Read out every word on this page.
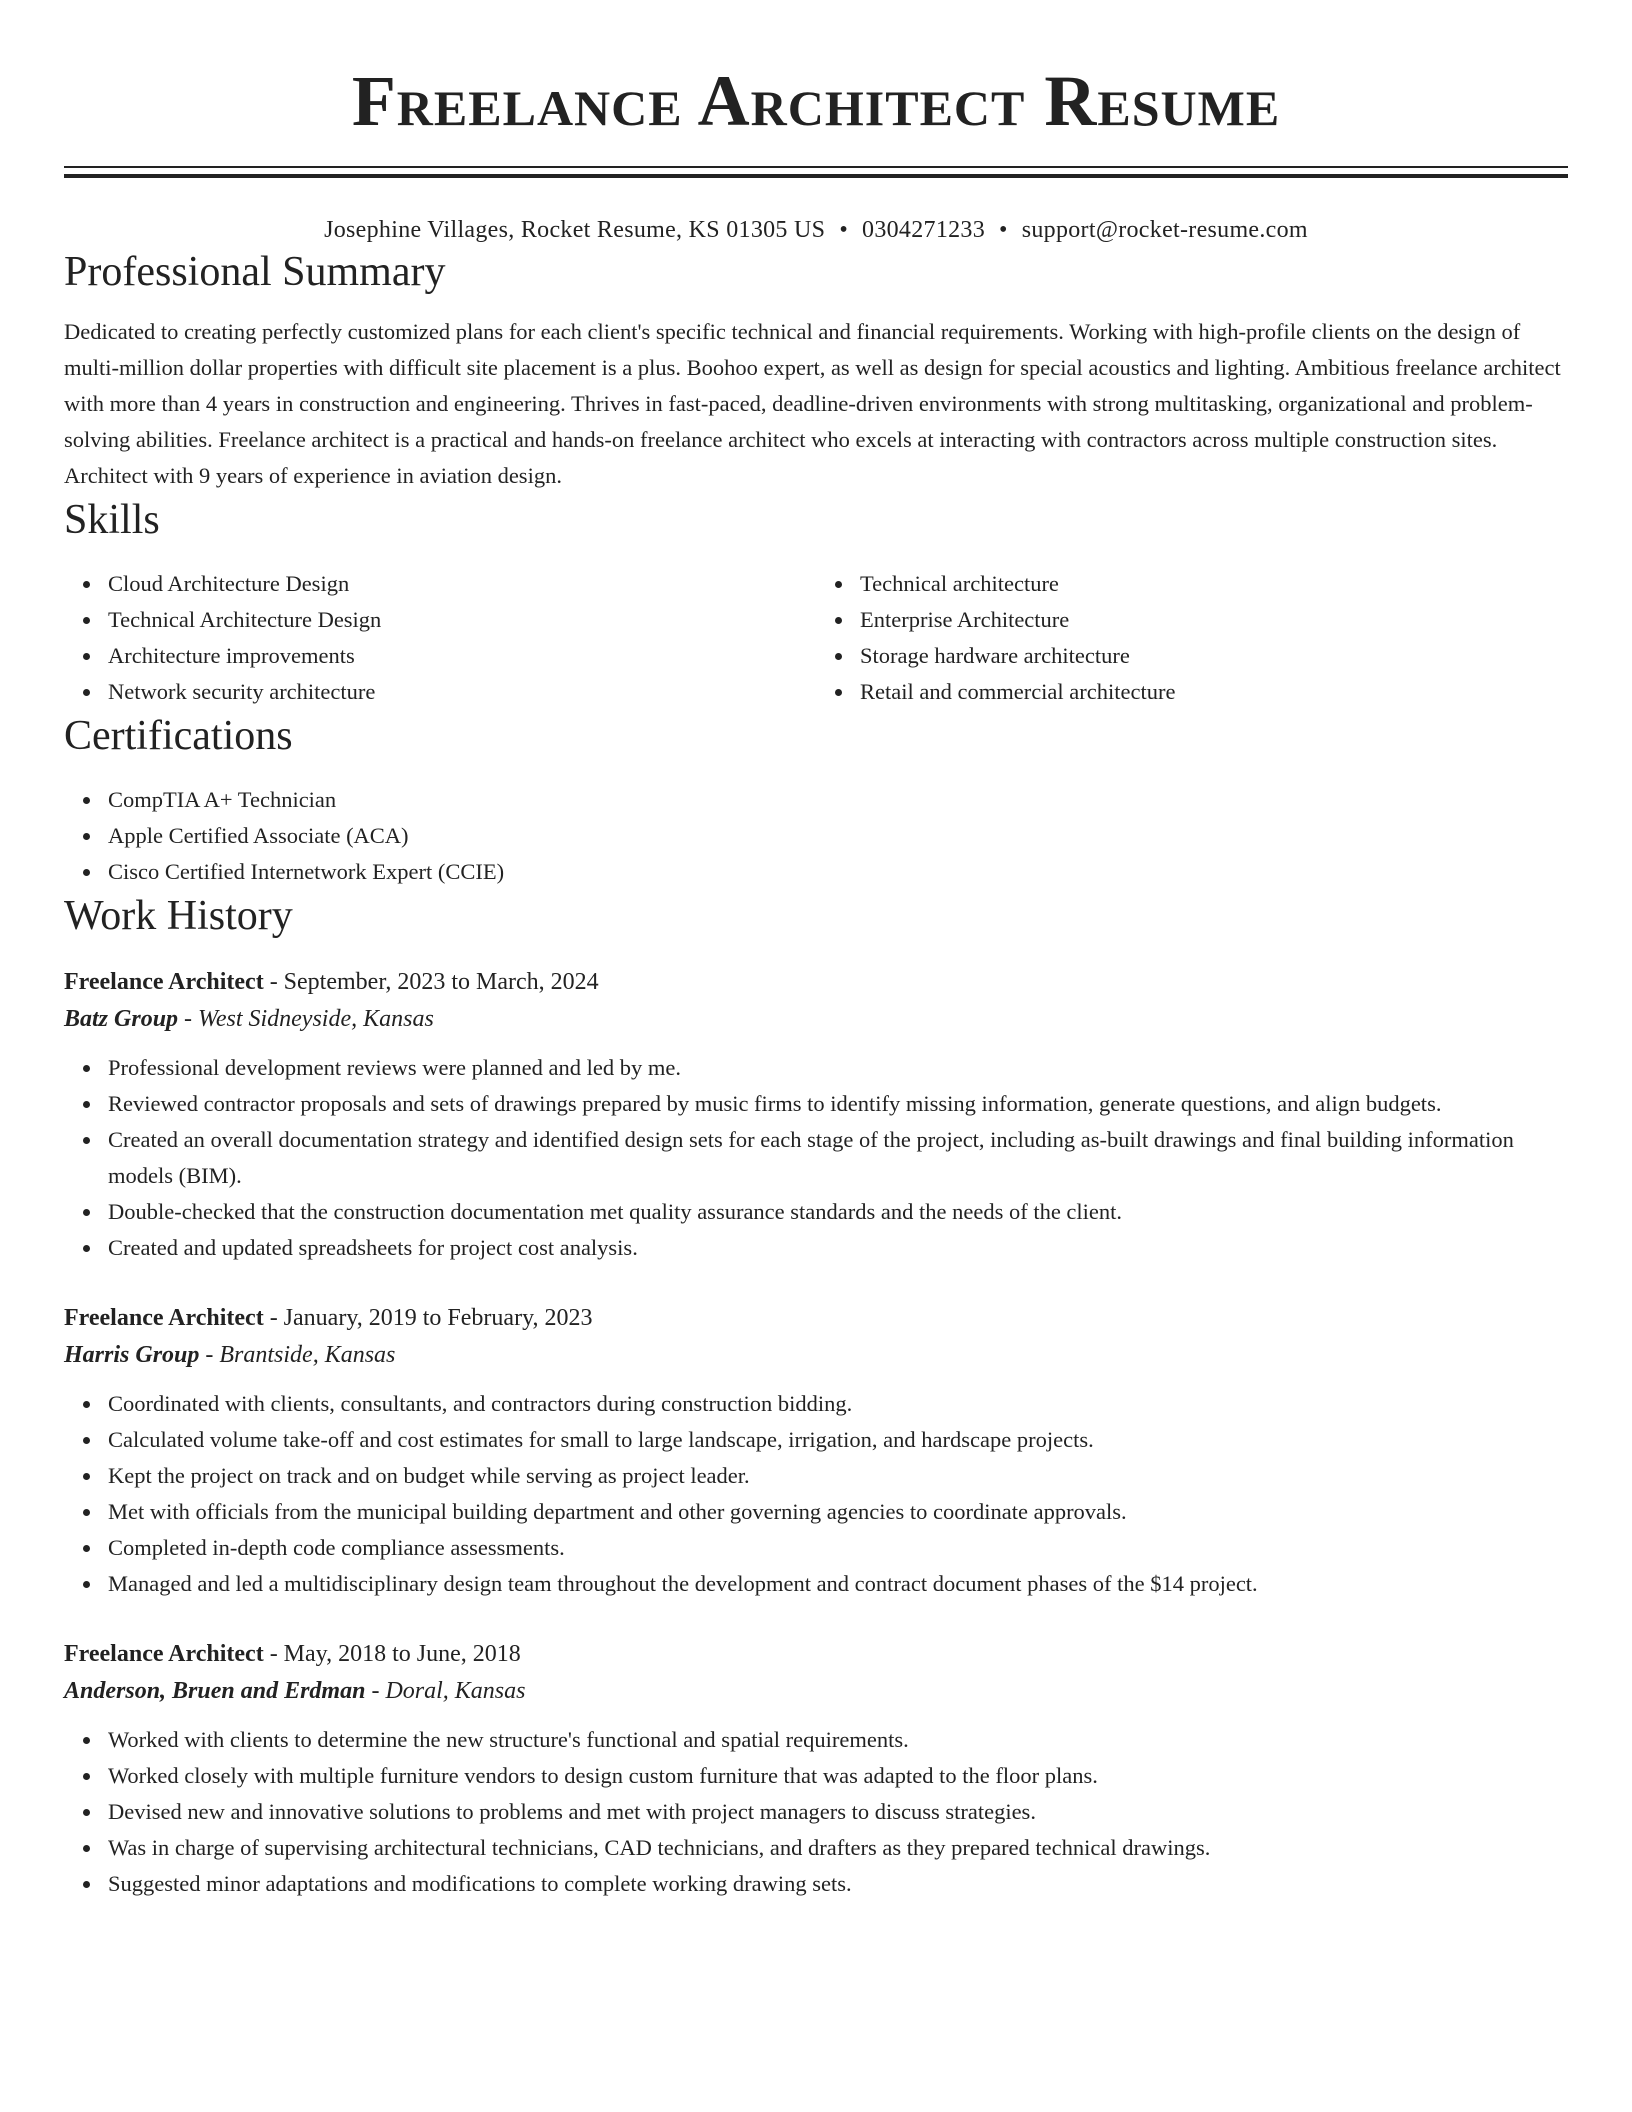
Freelance Architect Resume
Josephine Villages, Rocket Resume, KS 01305 US • 0304271233 • support@rocket-resume.com
Professional Summary

Dedicated to creating perfectly customized plans for each client's specific technical and financial requirements. Working with high-profile clients on the design of multi-million dollar properties with difficult site placement is a plus. Boohoo expert, as well as design for special acoustics and lighting. Ambitious freelance architect with more than 4 years in construction and engineering. Thrives in fast-paced, deadline-driven environments with strong multitasking, organizational and problem-solving abilities. Freelance architect is a practical and hands-on freelance architect who excels at interacting with contractors across multiple construction sites. Architect with 9 years of experience in aviation design.

Skills
Cloud Architecture Design
Technical Architecture Design
Architecture improvements
Network security architecture
Technical architecture
Enterprise Architecture
Storage hardware architecture
Retail and commercial architecture
Certifications
CompTIA A+ Technician
Apple Certified Associate (ACA)
Cisco Certified Internetwork Expert (CCIE)
Work History
Freelance Architect - September, 2023 to March, 2024
Batz Group - West Sidneyside, Kansas
Professional development reviews were planned and led by me.
Reviewed contractor proposals and sets of drawings prepared by music firms to identify missing information, generate questions, and align budgets.
Created an overall documentation strategy and identified design sets for each stage of the project, including as-built drawings and final building information models (BIM).
Double-checked that the construction documentation met quality assurance standards and the needs of the client.
Created and updated spreadsheets for project cost analysis.
Freelance Architect - January, 2019 to February, 2023
Harris Group - Brantside, Kansas
Coordinated with clients, consultants, and contractors during construction bidding.
Calculated volume take-off and cost estimates for small to large landscape, irrigation, and hardscape projects.
Kept the project on track and on budget while serving as project leader.
Met with officials from the municipal building department and other governing agencies to coordinate approvals.
Completed in-depth code compliance assessments.
Managed and led a multidisciplinary design team throughout the development and contract document phases of the $14 project.
Freelance Architect - May, 2018 to June, 2018
Anderson, Bruen and Erdman - Doral, Kansas
Worked with clients to determine the new structure's functional and spatial requirements.
Worked closely with multiple furniture vendors to design custom furniture that was adapted to the floor plans.
Devised new and innovative solutions to problems and met with project managers to discuss strategies.
Was in charge of supervising architectural technicians, CAD technicians, and drafters as they prepared technical drawings.
Suggested minor adaptations and modifications to complete working drawing sets.
